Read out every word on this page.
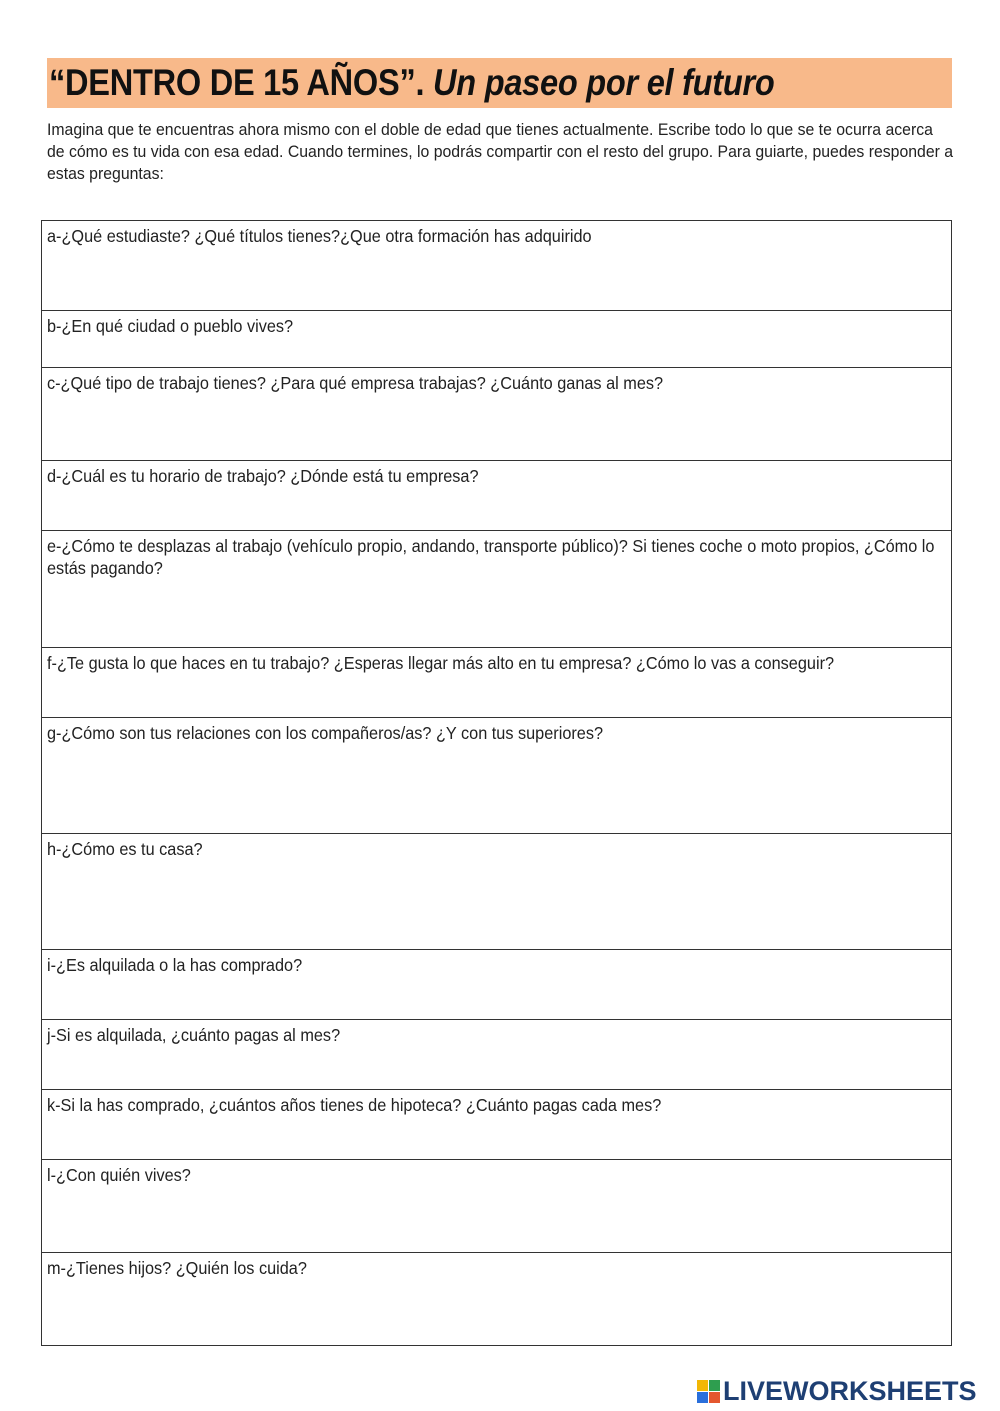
“DENTRO DE 15 AÑOS”. Un paseo por el futuro
Imagina que te encuentras ahora mismo con el doble de edad que tienes actualmente. Escribe todo lo que se te ocurra acerca de cómo es tu vida con esa edad. Cuando termines, lo podrás compartir con el resto del grupo. Para guiarte, puedes responder a estas preguntas:
a-¿Qué estudiaste? ¿Qué títulos tienes?¿Que otra formación has adquirido
b-¿En qué ciudad o pueblo vives?
c-¿Qué tipo de trabajo tienes? ¿Para qué empresa trabajas? ¿Cuánto ganas al mes?
d-¿Cuál es tu horario de trabajo? ¿Dónde está tu empresa?
e-¿Cómo te desplazas al trabajo (vehículo propio, andando, transporte público)? Si tienes coche o moto propios, ¿Cómo lo estás pagando?
f-¿Te gusta lo que haces en tu trabajo? ¿Esperas llegar más alto en tu empresa? ¿Cómo lo vas a conseguir?
g-¿Cómo son tus relaciones con los compañeros/as? ¿Y con tus superiores?
h-¿Cómo es tu casa?
i-¿Es alquilada o la has comprado?
j-Si es alquilada, ¿cuánto pagas al mes?
k-Si la has comprado, ¿cuántos años tienes de hipoteca? ¿Cuánto pagas cada mes?
l-¿Con quién vives?
m-¿Tienes hijos? ¿Quién los cuida?
LIVEWORKSHEETS
